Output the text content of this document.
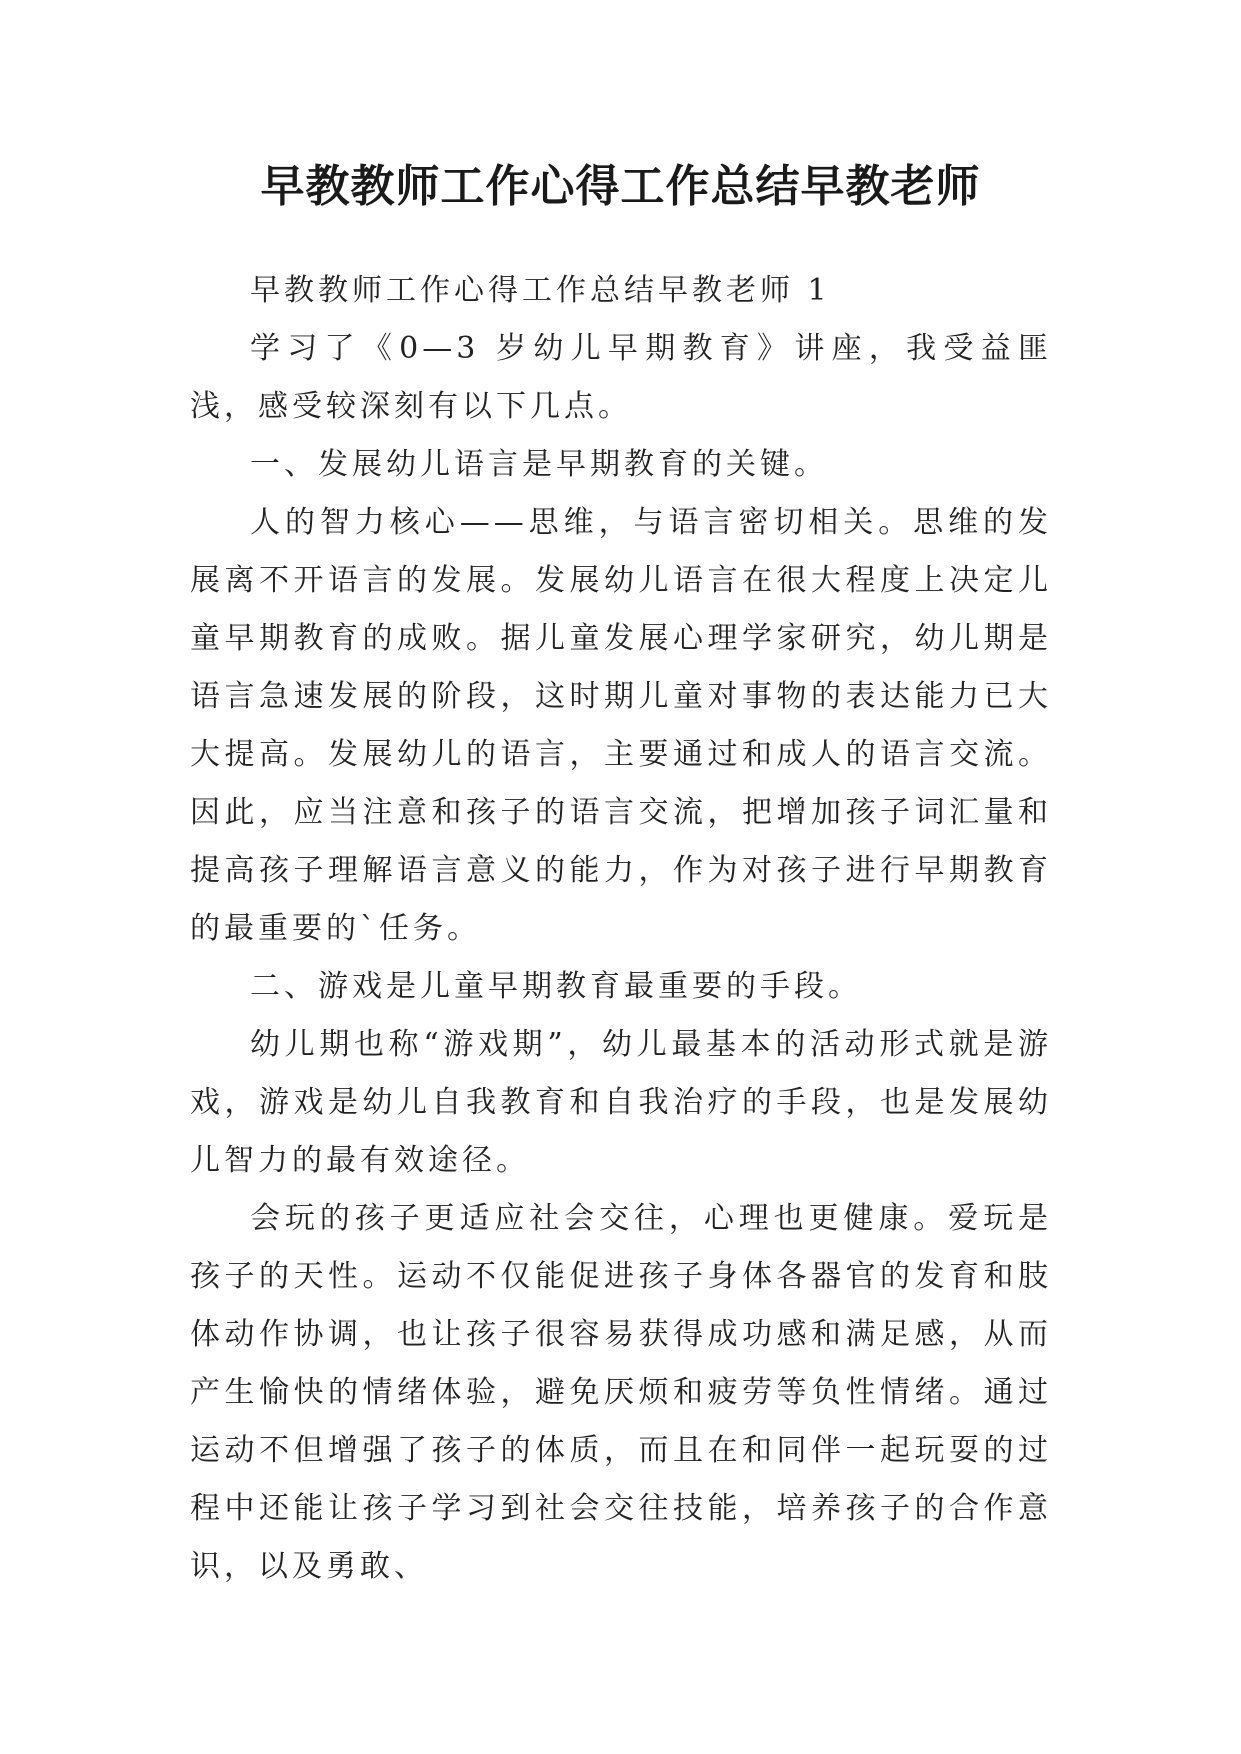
早教教师工作心得工作总结早教老师

早教教师工作心得工作总结早教老师 1

学习了《0—3 岁幼儿早期教育》讲座，我受益匪浅，感受较深刻有以下几点。

一、发展幼儿语言是早期教育的关键。

人的智力核心——思维，与语言密切相关。思维的发展离不开语言的发展。发展幼儿语言在很大程度上决定儿童早期教育的成败。据儿童发展心理学家研究，幼儿期是语言急速发展的阶段，这时期儿童对事物的表达能力已大大提高。发展幼儿的语言，主要通过和成人的语言交流。因此，应当注意和孩子的语言交流，把增加孩子词汇量和提高孩子理解语言意义的能力，作为对孩子进行早期教育的最重要的`任务。

二、游戏是儿童早期教育最重要的手段。

幼儿期也称“游戏期”，幼儿最基本的活动形式就是游戏，游戏是幼儿自我教育和自我治疗的手段，也是发展幼儿智力的最有效途径。

会玩的孩子更适应社会交往，心理也更健康。爱玩是孩子的天性。运动不仅能促进孩子身体各器官的发育和肢体动作协调，也让孩子很容易获得成功感和满足感，从而产生愉快的情绪体验，避免厌烦和疲劳等负性情绪。通过运动不但增强了孩子的体质，而且在和同伴一起玩耍的过程中还能让孩子学习到社会交往技能，培养孩子的合作意识，以及勇敢、
